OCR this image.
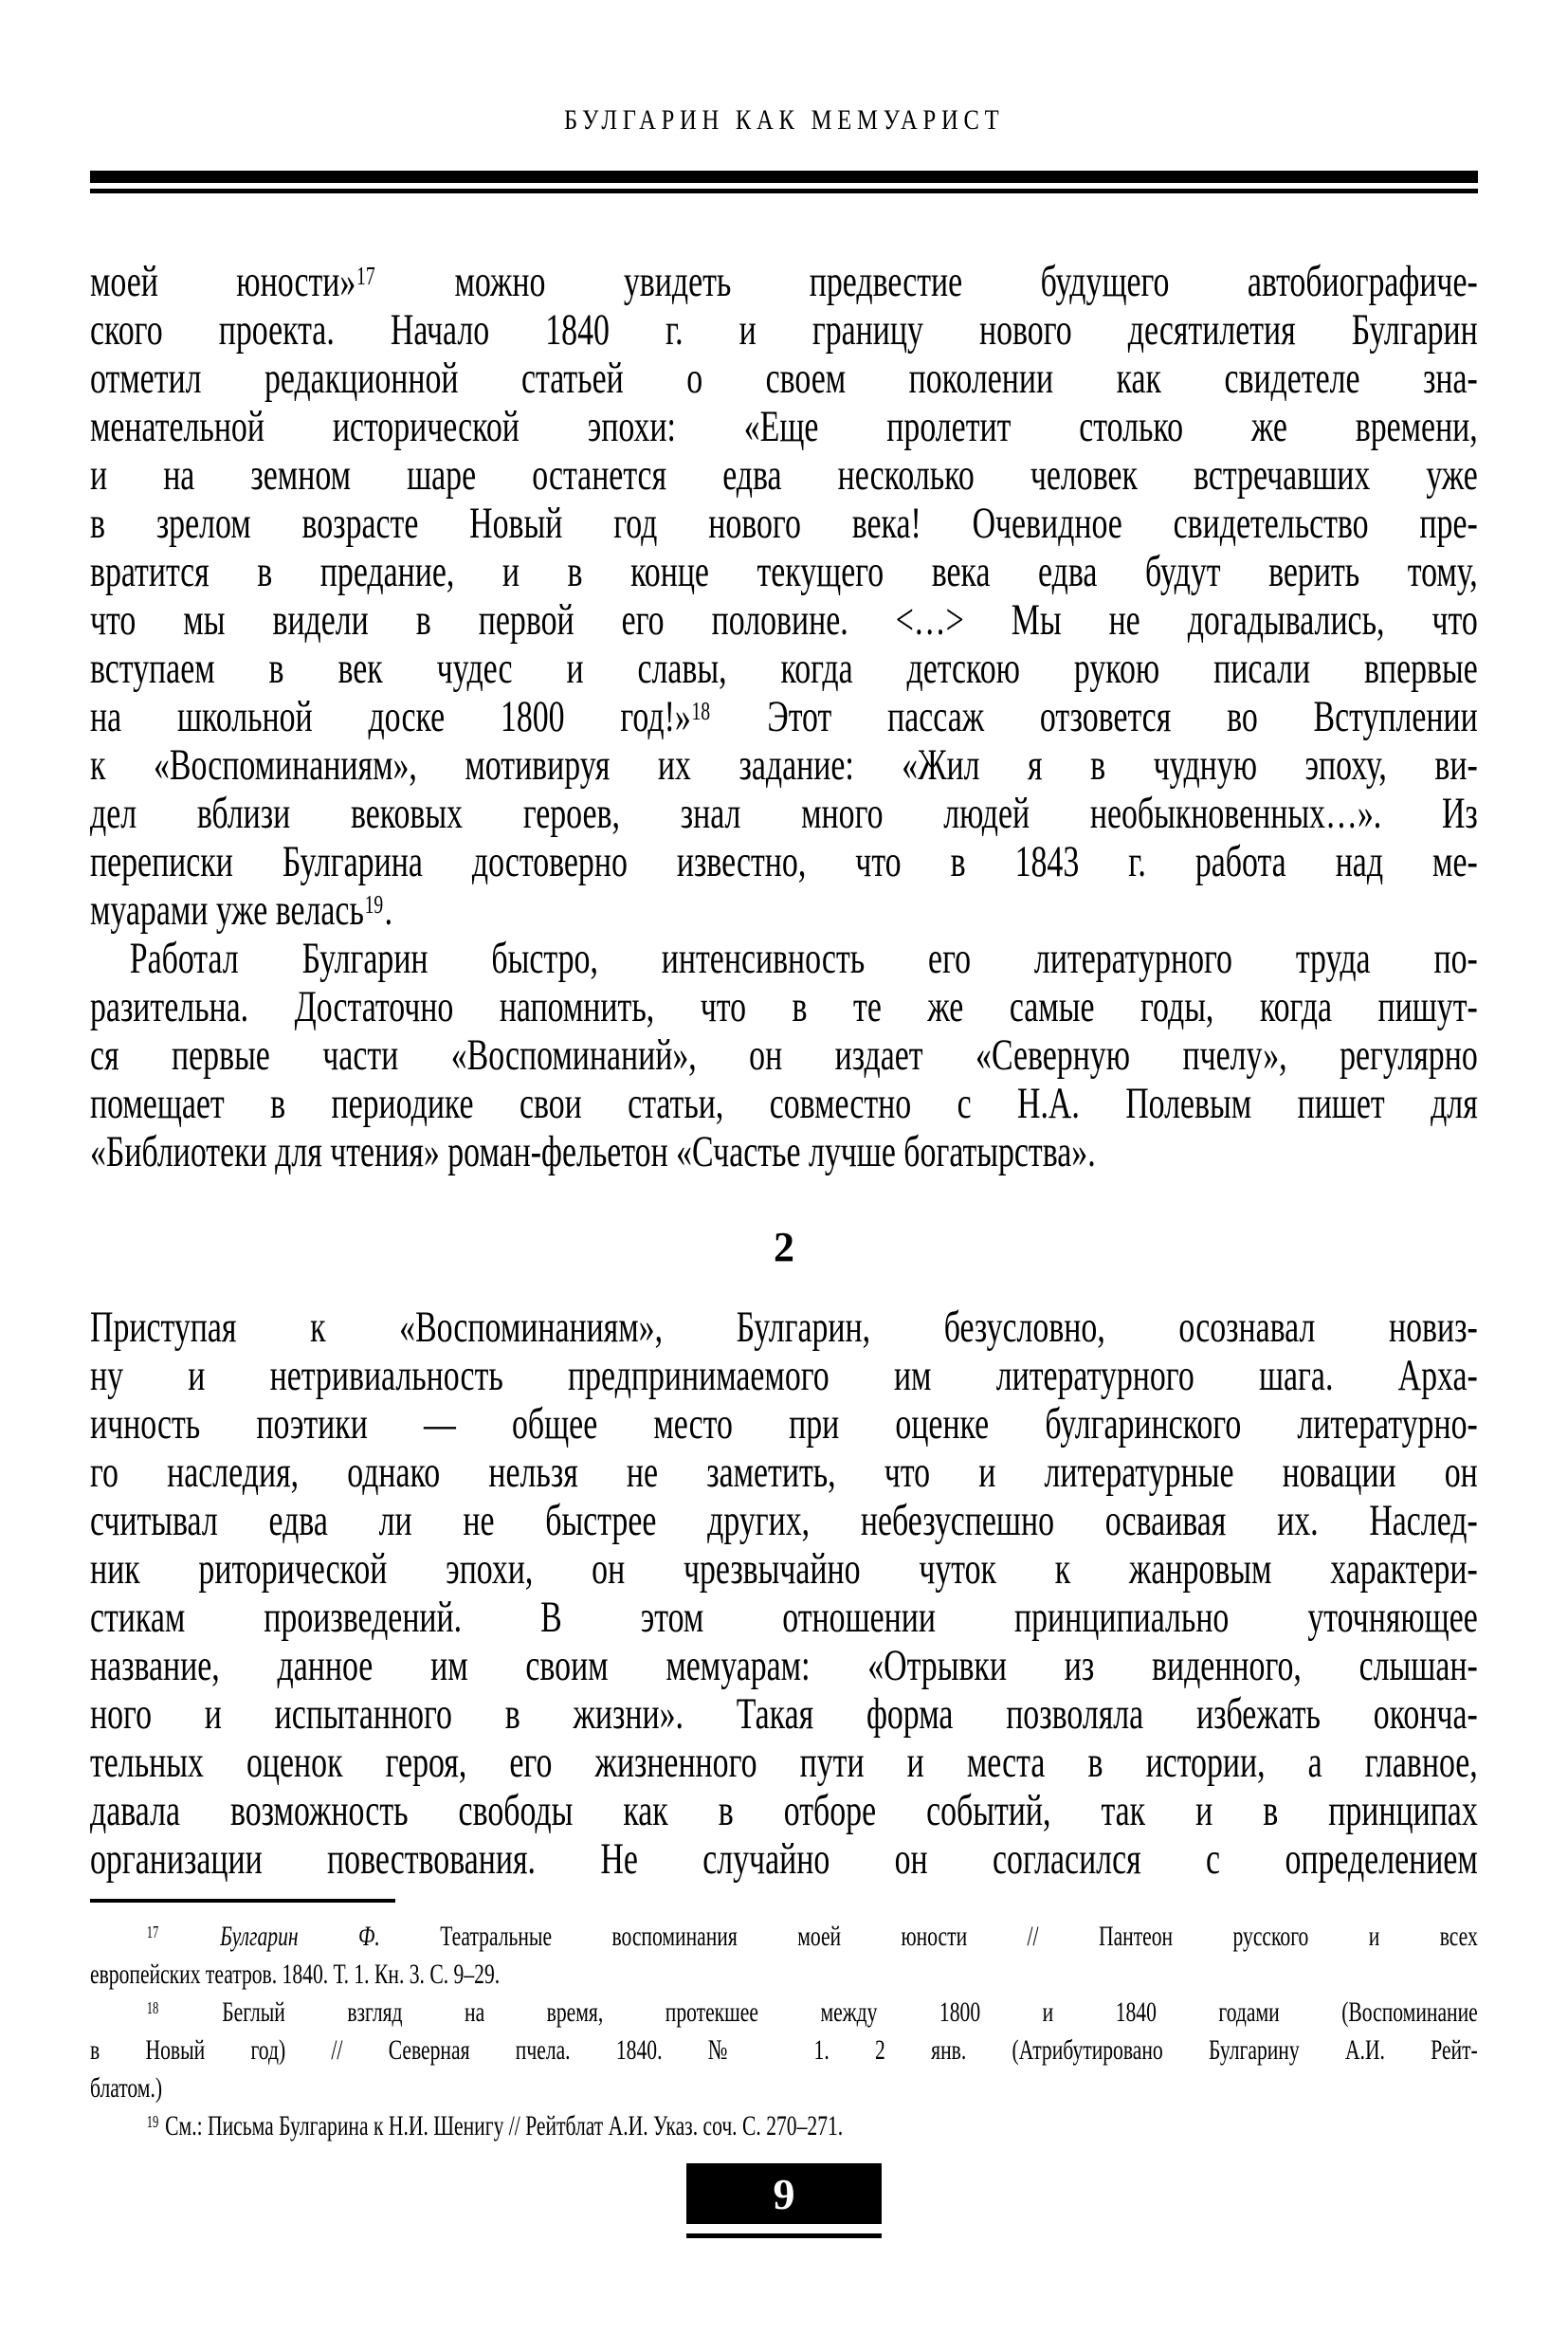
БУЛГАРИН КАК МЕМУАРИСТ
моей юности»$^{17}$ можно увидеть предвестие будущего автобиографиче-
ского проекта. Начало 1840 г. и границу нового десятилетия Булгарин
отметил редакционной статьей о своем поколении как свидетеле зна-
менательной исторической эпохи: «Еще пролетит столько же времени,
и на земном шаре останется едва несколько человек встречавших уже
в зрелом возрасте Новый год нового века! Очевидное свидетельство пре-
вратится в предание, и в конце текущего века едва будут верить тому,
что мы видели в первой его половине. <…> Мы не догадывались, что
вступаем в век чудес и славы, когда детскою рукою писали впервые
на школьной доске 1800 год!»$^{18}$ Этот пассаж отзовется во Вступлении
к «Воспоминаниям», мотивируя их задание: «Жил я в чудную эпоху, ви-
дел вблизи вековых героев, знал много людей необыкновенных…». Из
переписки Булгарина достоверно известно, что в 1843 г. работа над ме-
муарами уже велась$^{19}$.
Работал Булгарин быстро, интенсивность его литературного труда по-
разительна. Достаточно напомнить, что в те же самые годы, когда пишут-
ся первые части «Воспоминаний», он издает «Северную пчелу», регулярно
помещает в периодике свои статьи, совместно с Н.А. Полевым пишет для
«Библиотеки для чтения» роман-фельетон «Счастье лучше богатырства».
2
Приступая к «Воспоминаниям», Булгарин, безусловно, осознавал новиз-
ну и нетривиальность предпринимаемого им литературного шага. Арха-
ичность поэтики — общее место при оценке булгаринского литературно-
го наследия, однако нельзя не заметить, что и литературные новации он
считывал едва ли не быстрее других, небезуспешно осваивая их. Наслед-
ник риторической эпохи, он чрезвычайно чуток к жанровым характери-
стикам произведений. В этом отношении принципиально уточняющее
название, данное им своим мемуарам: «Отрывки из виденного, слышан-
ного и испытанного в жизни». Такая форма позволяла избежать оконча-
тельных оценок героя, его жизненного пути и места в истории, а главное,
давала возможность свободы как в отборе событий, так и в принципах
организации повествования. Не случайно он согласился с определением
$^{17}$ Булгарин Ф. Театральные воспоминания моей юности // Пантеон русского и всех
европейских театров. 1840. Т. 1. Кн. 3. С. 9–29.
$^{18}$ Беглый взгляд на время, протекшее между 1800 и 1840 годами (Воспоминание
в Новый год) // Северная пчела. 1840. № 1. 2 янв. (Атрибутировано Булгарину А.И. Рейт-
блатом.)
$^{19}$ См.: Письма Булгарина к Н.И. Шенигу // Рейтблат А.И. Указ. соч. С. 270–271.
9
